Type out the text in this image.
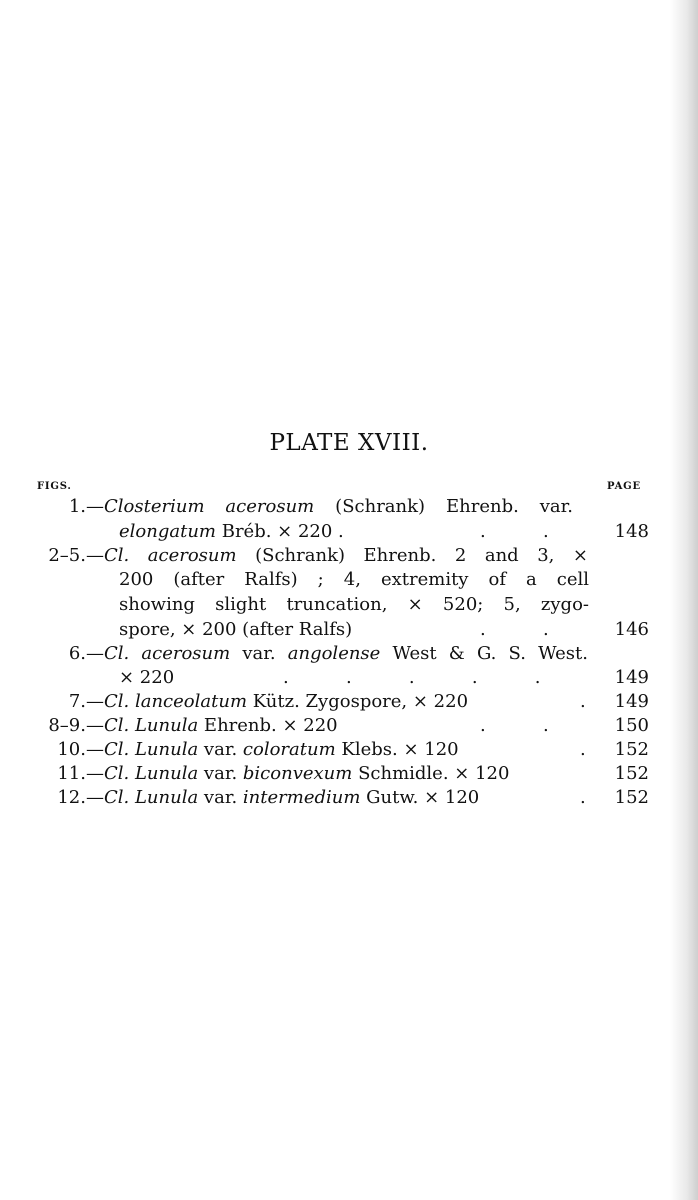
PLATE XVIII.
FIGS.	PAGE
1.— Closterium acerosum (Schrank) Ehrenb. var.
elongatum Bréb. × 220 .	.          .	148
2–5.— Cl. acerosum (Schrank) Ehrenb. 2 and 3, ×
200 (after Ralfs) ; 4, extremity of a cell
showing slight truncation, × 520; 5, zygo-
spore, × 200 (after Ralfs)	.          .	146
6.— Cl. acerosum var. angolense West & G. S. West.
× 220	.          .          .          .          .	149
7.— Cl. lanceolatum Kütz. Zygospore, × 220	. 149
8–9.— Cl. Lunula Ehrenb. × 220	.          .	150
10.— Cl. Lunula var. coloratum Klebs. × 120	. 152
11.— Cl. Lunula var. biconvexum Schmidle. × 120	152
12.— Cl. Lunula var. intermedium Gutw. × 120	. 152
